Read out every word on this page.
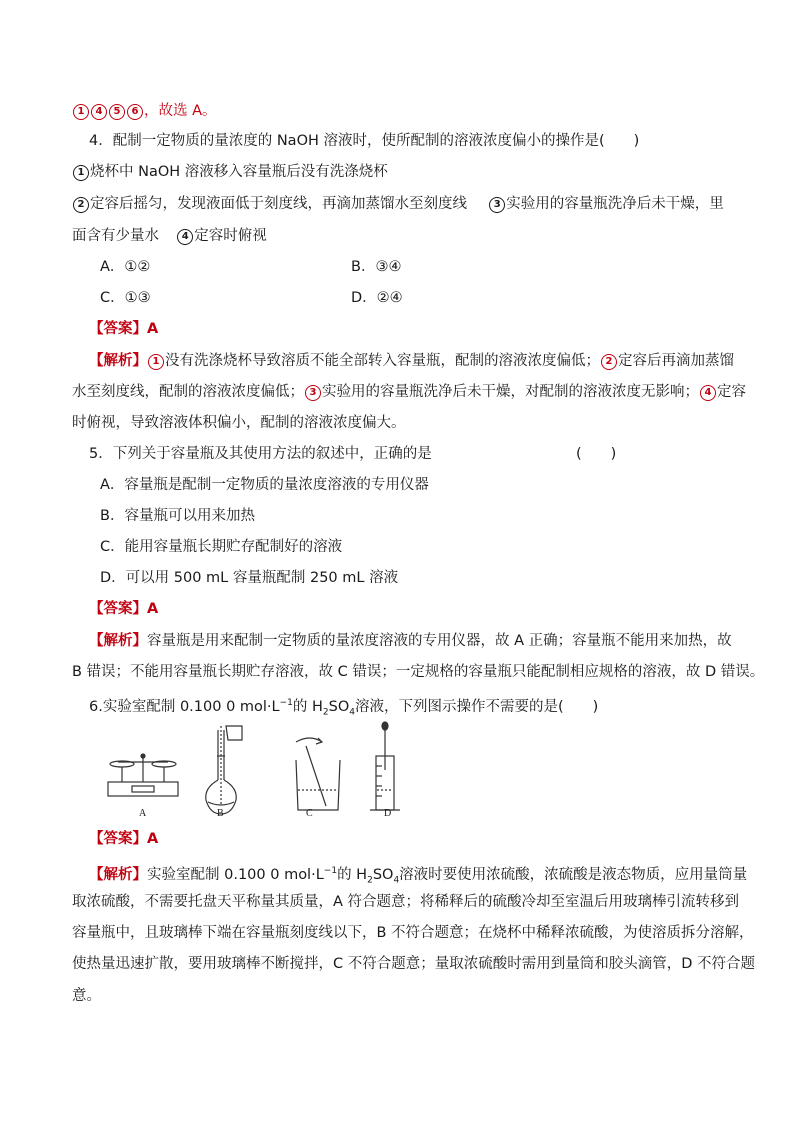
1 4 5 6 ，故选 A。
4．配制一定物质的量浓度的 NaOH 溶液时，使所配制的溶液浓度偏小的操作是(　　)
1 烧杯中 NaOH 溶液移入容量瓶后没有洗涤烧杯
2 定容后摇匀，发现液面低于刻度线，再滴加蒸馏水至刻度线	3 实验用的容量瓶洗净后未干燥，里
面含有少量水 4 定容时俯视
A．①②	B．③④
C．①③	D．②④
【答案】A
【解析】 1 没有洗涤烧杯导致溶质不能全部转入容量瓶，配制的溶液浓度偏低； 2 定容后再滴加蒸馏
水至刻度线，配制的溶液浓度偏低； 3 实验用的容量瓶洗净后未干燥，对配制的溶液浓度无影响； 4 定容
时俯视，导致溶液体积偏小，配制的溶液浓度偏大。
5．下列关于容量瓶及其使用方法的叙述中，正确的是	(　　)
A．容量瓶是配制一定物质的量浓度溶液的专用仪器
B．容量瓶可以用来加热
C．能用容量瓶长期贮存配制好的溶液
D．可以用 500 mL 容量瓶配制 250 mL 溶液
【答案】A
【解析】容量瓶是用来配制一定物质的量浓度溶液的专用仪器，故 A 正确；容量瓶不能用来加热，故
B 错误；不能用容量瓶长期贮存溶液，故 C 错误；一定规格的容量瓶只能配制相应规格的溶液，故 D 错误。
6.实验室配制 0.100 0 $mol\cdot L^{-1}$的 $H_2SO_4$溶液，下列图示操作不需要的是(　　)
A	B	C	D
【答案】A
【解析】实验室配制 0.100 0 $mol\cdot L^{-1}$的 $H_2SO_4$溶液时要使用浓硫酸，浓硫酸是液态物质，应用量筒量
取浓硫酸，不需要托盘天平称量其质量，A 符合题意；将稀释后的硫酸冷却至室温后用玻璃棒引流转移到
容量瓶中，且玻璃棒下端在容量瓶刻度线以下，B 不符合题意；在烧杯中稀释浓硫酸，为使溶质拆分溶解，
使热量迅速扩散，要用玻璃棒不断搅拌，C 不符合题意；量取浓硫酸时需用到量筒和胶头滴管，D 不符合题
意。
